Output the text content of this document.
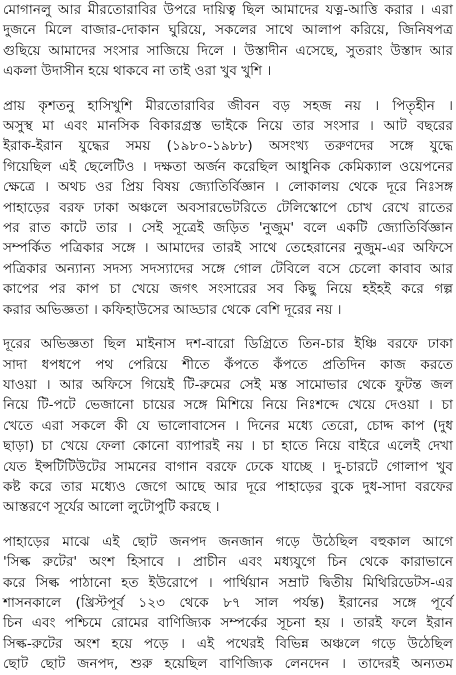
মোগানলু আর মীরতোরাবির উপরে দায়িত্ব ছিল আমাদের যত্ন-আত্তি করার । এরা
দুজনে মিলে বাজার-দোকান ঘুরিয়ে, সকলের সাথে আলাপ করিয়ে, জিনিষপত্র
গুছিয়ে আমাদের সংসার সাজিয়ে দিলে । উস্তাদীন এসেছে, সুতরাং উস্তাদ আর
একলা উদাসীন হয়ে থাকবে না তাই ওরা খুব খুশি ।
প্রায় কৃশতনু হাসিখুশি মীরতোরাবির জীবন বড় সহজ নয় । পিতৃহীন ।
অসুস্থ মা এবং মানসিক বিকারগ্রস্ত ভাইকে নিয়ে তার সংসার । আট বছরের
ইরাক-ইরান যুদ্ধের সময় (১৯৮০-১৯৮৮) অসংখ্য তরুণদের সঙ্গে যুদ্ধে
গিয়েছিল এই ছেলেটিও । দক্ষতা অর্জন করেছিল আধুনিক কেমিক্যাল ওয়েপনের
ক্ষেত্রে । অথচ ওর প্রিয় বিষয় জ্যোতির্বিজ্ঞান । লোকালয় থেকে দূরে নিঃসঙ্গ
পাহাড়ের বরফ ঢাকা অঞ্চলে অবসারভেটরিতে টেলিস্কোপে চোখ রেখে রাতের
পর রাত কাটে তার । সেই সূত্রেই জড়িত 'নুজুম' বলে একটি জ্যোতির্বিজ্ঞান
সম্পর্কিত পত্রিকার সঙ্গে । আমাদের তারই সাথে তেহেরানের নুজুম-এর অফিসে
পত্রিকার অন্যান্য সদস্য সদস্যাদের সঙ্গে গোল টেবিলে বসে চেলো কাবাব আর
কাপের পর কাপ চা খেয়ে জগৎ সংসারের সব কিছু নিয়ে হইহই করে গল্প
করার অভিজ্ঞতা । কফিহাউসের আড্ডার থেকে বেশি দূরের নয় ।
দূরের অভিজ্ঞতা ছিল মাইনাস দশ-বারো ডিগ্রিতে তিন-চার ইঞ্চি বরফে ঢাকা
সাদা ধপধপে পথ পেরিয়ে শীতে কঁপতে কঁপতে প্রতিদিন কাজ করতে
যাওয়া । আর অফিসে গিয়েই টি-রুমের সেই মস্ত সামোভার থেকে ফুটন্ত জল
নিয়ে টি-পটে ভেজানো চায়ের সঙ্গে মিশিয়ে নিয়ে নিঃশব্দে খেয়ে দেওয়া । চা
খেতে এরা সকলে কী যে ভালোবাসেন । দিনের মধ্যে তেরো, চোদ্দ কাপ (দুধ
ছাড়া) চা খেয়ে ফেলা কোনো ব্যাপারই নয় । চা হাতে নিয়ে বাইরে এলেই দেখা
যেত ইন্সটিটিউটের সামনের বাগান বরফে ঢেকে যাচ্ছে । দু-চারটে গোলাপ খুব
কষ্ট করে তার মধ্যেও জেগে আছে আর দূরে পাহাড়ের বুকে দুধ-সাদা বরফের
আস্তরণে সূর্যের আলো লুটোপুটি করছে ।
পাহাড়ের মাঝে এই ছোট জনপদ জনজান গড়ে উঠেছিল বহুকাল আগে
'সিল্ক রুটের' অংশ হিসাবে । প্রাচীন এবং মধ্যযুগে চিন থেকে কারাভানে
করে সিল্ক পাঠানো হত ইউরোপে । পার্থিয়ান সম্রাট দ্বিতীয় মিথিরিডেটস-এর
শাসনকালে (খ্রিস্টপূর্ব ১২৩ থেকে ৮৭ সাল পর্যন্ত) ইরানের সঙ্গে পূর্বে
চিন এবং পশ্চিমে রোমের বাণিজ্যিক সম্পর্কের সূচনা হয় । তারই ফলে ইরান
সিল্ক-রুটের অংশ হয়ে পড়ে । এই পথেরই বিভিন্ন অঞ্চলে গড়ে উঠেছিল
ছোট ছোট জনপদ, শুরু হয়েছিল বাণিজ্যিক লেনদেন । তাদেরই অন্যতম
